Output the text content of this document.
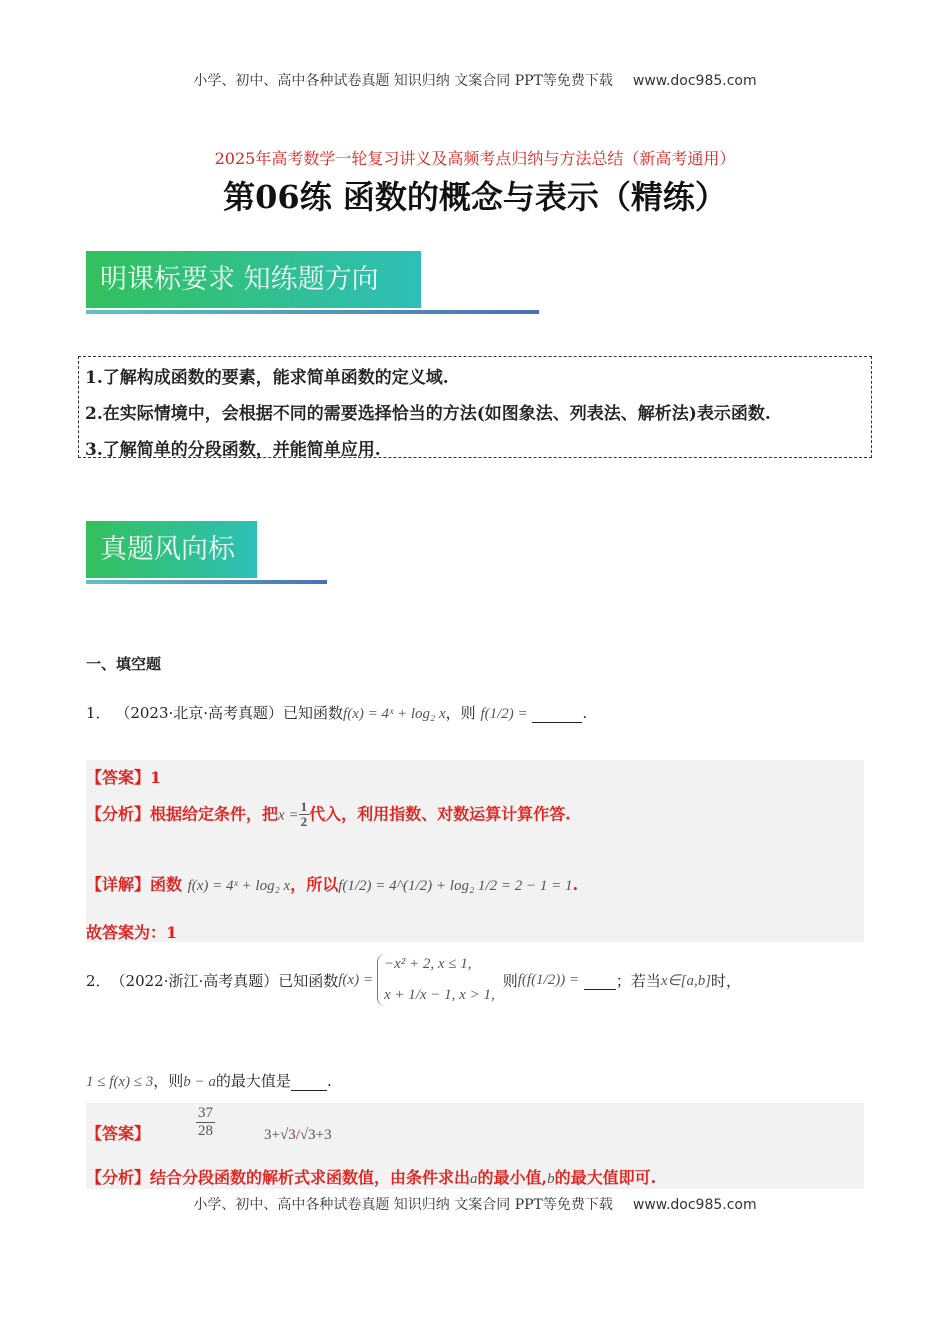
小学、初中、高中各种试卷真题 知识归纳 文案合同 PPT等免费下载 www.doc985.com
2025年高考数学一轮复习讲义及高频考点归纳与方法总结（新高考通用）
第06练 函数的概念与表示（精练）
明课标要求 知练题方向
1.了解构成函数的要素，能求简单函数的定义域.
2.在实际情境中，会根据不同的需要选择恰当的方法(如图象法、列表法、解析法)表示函数.
3.了解简单的分段函数，并能简单应用.
真题风向标
一、填空题
1． （2023·北京·高考真题）已知函数f(x) = 4ˣ + log₂ x，则 f(1/2) =	.
【答案】1
【分析】根据给定条件，把$x = \frac{1}{2}$ 代入，利用指数、对数运算计算作答.
【详解】函数 f(x) = 4ˣ + log₂ x，所以f(1/2) = 4^(1/2) + log₂ 1/2 = 2 − 1 = 1.
故答案为：1
2． （2022·浙江·高考真题）已知函数 f(x) =
−x² + 2, x ≤ 1,
x + 1/x − 1, x > 1,
则 f(f(1/2)) =

；若当 x∈[a,b] 时，
1 ≤ f(x) ≤ 3，则b − a的最大值是 .
【答案】	$\frac{37}{28}$	3+√3/√3+3
【分析】结合分段函数的解析式求函数值，由条件求出a的最小值,b的最大值即可.
小学、初中、高中各种试卷真题 知识归纳 文案合同 PPT等免费下载 www.doc985.com
